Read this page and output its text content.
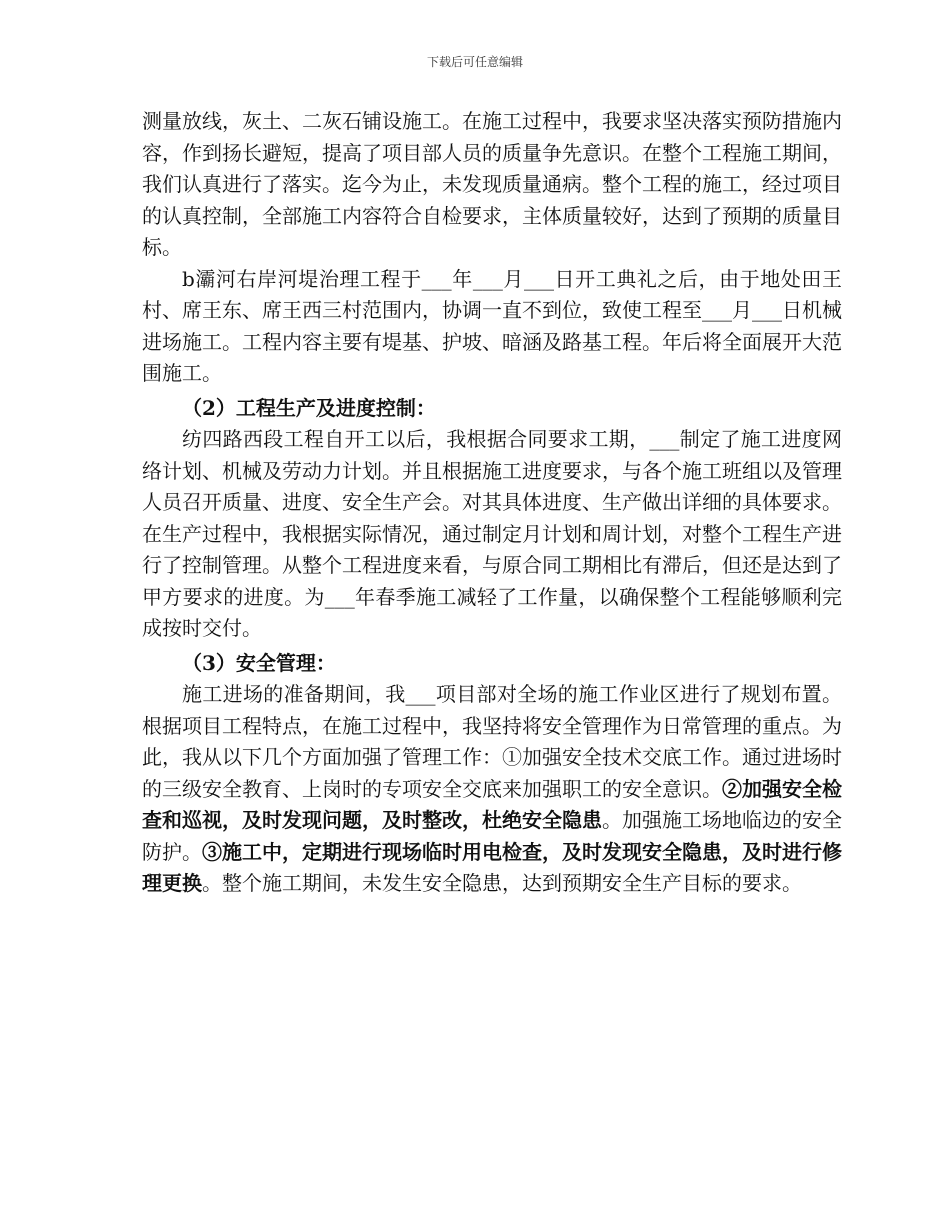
下载后可任意编辑

测量放线，灰土、二灰石铺设施工。在施工过程中，我要求坚决落实预防措施内容，作到扬长避短，提高了项目部人员的质量争先意识。在整个工程施工期间，我们认真进行了落实。迄今为止，未发现质量通病。整个工程的施工，经过项目的认真控制，全部施工内容符合自检要求，主体质量较好，达到了预期的质量目标。

b灞河右岸河堤治理工程于___年___月___日开工典礼之后，由于地处田王村、席王东、席王西三村范围内，协调一直不到位，致使工程至___月___日机械进场施工。工程内容主要有堤基、护坡、暗涵及路基工程。年后将全面展开大范围施工。

（2）工程生产及进度控制：

纺四路西段工程自开工以后，我根据合同要求工期，___制定了施工进度网络计划、机械及劳动力计划。并且根据施工进度要求，与各个施工班组以及管理人员召开质量、进度、安全生产会。对其具体进度、生产做出详细的具体要求。在生产过程中，我根据实际情况，通过制定月计划和周计划，对整个工程生产进行了控制管理。从整个工程进度来看，与原合同工期相比有滞后，但还是达到了甲方要求的进度。为___年春季施工减轻了工作量，以确保整个工程能够顺利完成按时交付。

（3）安全管理：

施工进场的准备期间，我___项目部对全场的施工作业区进行了规划布置。根据项目工程特点，在施工过程中，我坚持将安全管理作为日常管理的重点。为此，我从以下几个方面加强了管理工作：①加强安全技术交底工作。通过进场时的三级安全教育、上岗时的专项安全交底来加强职工的安全意识。②加强安全检查和巡视，及时发现问题，及时整改，杜绝安全隐患。加强施工场地临边的安全防护。③施工中，定期进行现场临时用电检查，及时发现安全隐患，及时进行修理更换。整个施工期间，未发生安全隐患，达到预期安全生产目标的要求。
